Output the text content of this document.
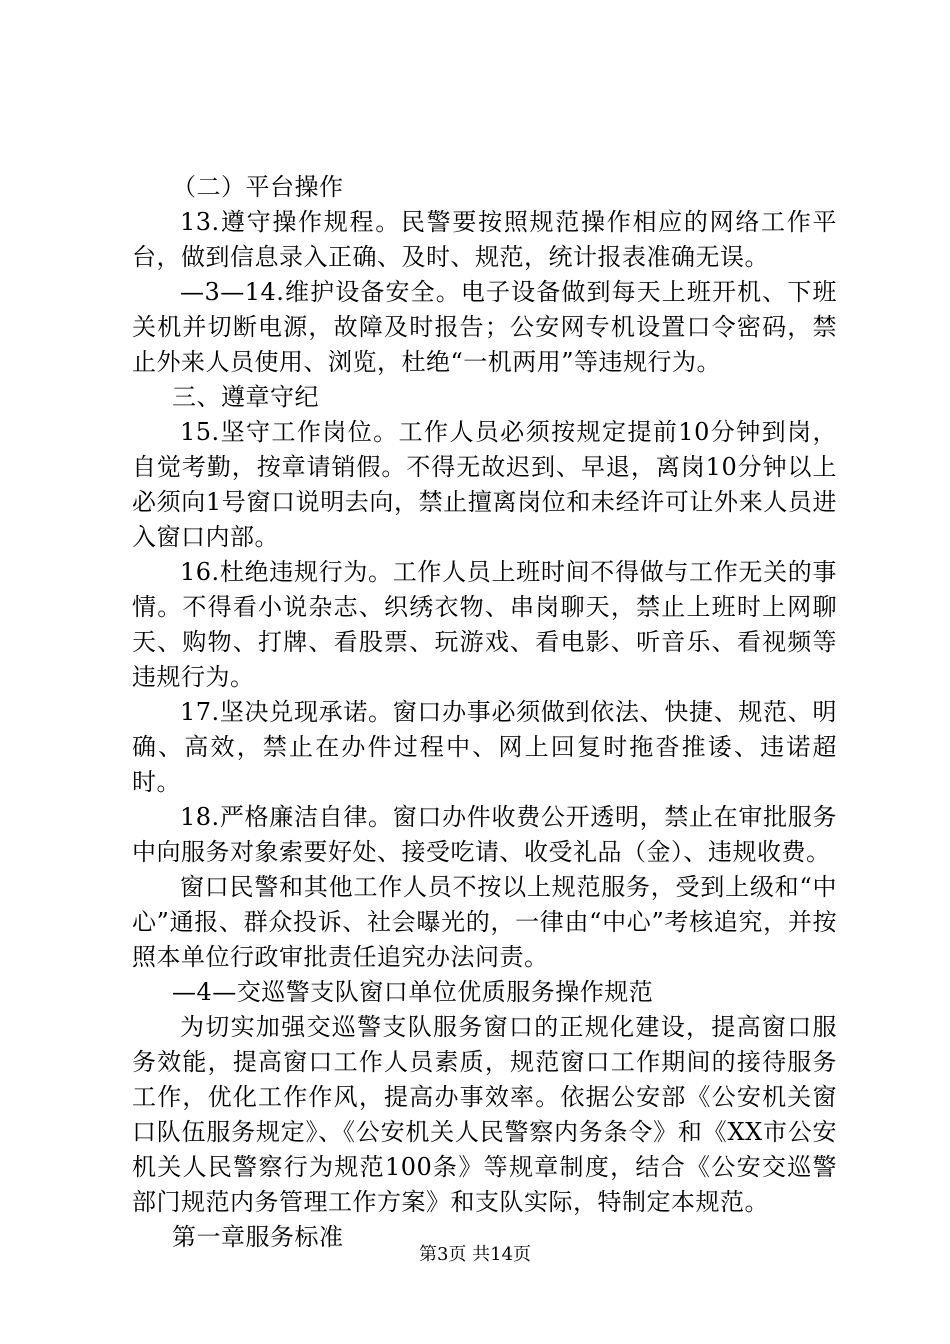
（二）平台操作

13.遵守操作规程。民警要按照规范操作相应的网络工作平台，做到信息录入正确、及时、规范，统计报表准确无误。

—3—14.维护设备安全。电子设备做到每天上班开机、下班关机并切断电源，故障及时报告；公安网专机设置口令密码，禁止外来人员使用、浏览，杜绝“一机两用”等违规行为。

三、遵章守纪

15.坚守工作岗位。工作人员必须按规定提前10分钟到岗，自觉考勤，按章请销假。不得无故迟到、早退，离岗10分钟以上必须向1号窗口说明去向，禁止擅离岗位和未经许可让外来人员进入窗口内部。

16.杜绝违规行为。工作人员上班时间不得做与工作无关的事情。不得看小说杂志、织绣衣物、串岗聊天，禁止上班时上网聊天、购物、打牌、看股票、玩游戏、看电影、听音乐、看视频等违规行为。

17.坚决兑现承诺。窗口办事必须做到依法、快捷、规范、明确、高效，禁止在办件过程中、网上回复时拖沓推诿、违诺超时。

18.严格廉洁自律。窗口办件收费公开透明，禁止在审批服务中向服务对象索要好处、接受吃请、收受礼品（金）、违规收费。

窗口民警和其他工作人员不按以上规范服务，受到上级和“中心”通报、群众投诉、社会曝光的，一律由“中心”考核追究，并按照本单位行政审批责任追究办法问责。

—4—交巡警支队窗口单位优质服务操作规范

为切实加强交巡警支队服务窗口的正规化建设，提高窗口服务效能，提高窗口工作人员素质，规范窗口工作期间的接待服务工作，优化工作作风，提高办事效率。依据公安部《公安机关窗口队伍服务规定》、《公安机关人民警察内务条令》和《XX市公安机关人民警察行为规范100条》等规章制度，结合《公安交巡警部门规范内务管理工作方案》和支队实际，特制定本规范。

第一章服务标准

第3页 共14页
